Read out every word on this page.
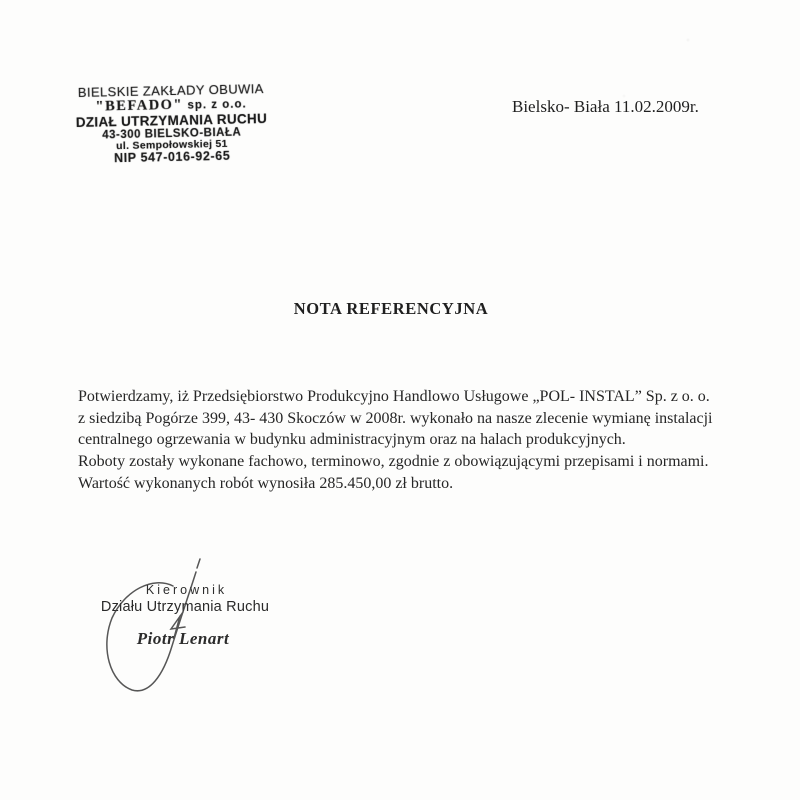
BIELSKIE ZAKŁADY OBUWIA
"BEFADO" sp. z o.o.
DZIAŁ UTRZYMANIA RUCHU
43-300 BIELSKO-BIAŁA
ul. Sempołowskiej 51
NIP 547-016-92-65
Bielsko- Biała 11.02.2009r.
NOTA REFERENCYJNA
Potwierdzamy, iż Przedsiębiorstwo Produkcyjno Handlowo Usługowe „POL- INSTAL” Sp. z o. o.
z siedzibą Pogórze 399, 43- 430 Skoczów w 2008r. wykonało na nasze zlecenie wymianę instalacji
centralnego ogrzewania w budynku administracyjnym oraz na halach produkcyjnych.
Roboty zostały wykonane fachowo, terminowo, zgodnie z obowiązującymi przepisami i normami.
Wartość wykonanych robót wynosiła 285.450,00 zł brutto.
Kierownik
Działu Utrzymania Ruchu
Piotr Lenart
